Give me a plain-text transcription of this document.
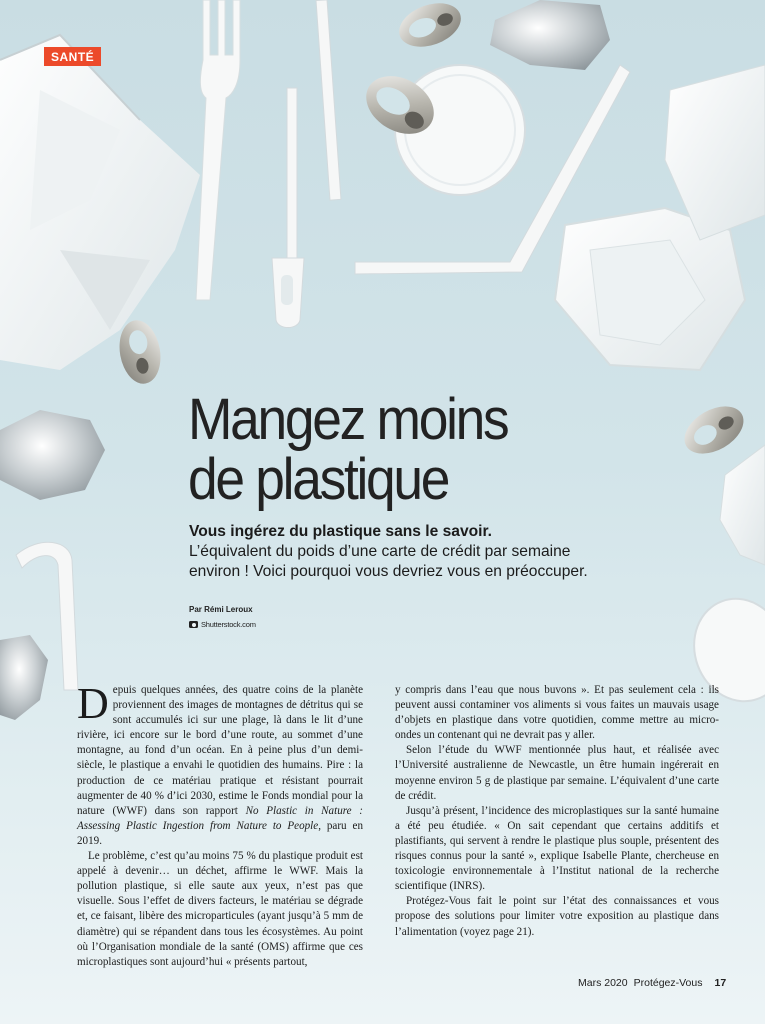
SANTÉ
Mangez moins
de plastique

Vous ingérez du plastique sans le savoir.
L’équivalent du poids d’une carte de crédit par semaine environ ! Voici pourquoi vous devriez vous en préoccuper.

Par Rémi Leroux
Shutterstock.com

Depuis quelques années, des quatre coins de la planète proviennent des images de montagnes de détritus qui se sont accumulés ici sur une plage, là dans le lit d’une rivière, ici encore sur le bord d’une route, au sommet d’une montagne, au fond d’un océan. En à peine plus d’un demi-siècle, le plastique a envahi le quotidien des humains. Pire : la production de ce matériau pratique et résistant pourrait augmenter de 40 % d’ici 2030, estime le Fonds mondial pour la nature (WWF) dans son rapport No Plastic in Nature : Assessing Plastic Ingestion from Nature to People, paru en 2019.

Le problème, c’est qu’au moins 75 % du plastique produit est appelé à devenir… un déchet, affirme le WWF. Mais la pollution plastique, si elle saute aux yeux, n’est pas que visuelle. Sous l’effet de divers facteurs, le matériau se dégrade et, ce faisant, libère des microparticules (ayant jusqu’à 5 mm de diamètre) qui se répandent dans tous les écosystèmes. Au point où l’Organisation mondiale de la santé (OMS) affirme que ces microplastiques sont aujourd’hui « présents partout,

y compris dans l’eau que nous buvons ». Et pas seulement cela : ils peuvent aussi contaminer vos aliments si vous faites un mauvais usage d’objets en plastique dans votre quotidien, comme mettre au micro-ondes un contenant qui ne devrait pas y aller.

Selon l’étude du WWF mentionnée plus haut, et réalisée avec l’Université australienne de Newcastle, un être humain ingérerait en moyenne environ 5 g de plastique par semaine. L’équivalent d’une carte de crédit.

Jusqu’à présent, l’incidence des microplastiques sur la santé humaine a été peu étudiée. « On sait cependant que certains additifs et plastifiants, qui servent à rendre le plastique plus souple, présentent des risques connus pour la santé », explique Isabelle Plante, chercheuse en toxicologie environnementale à l’Institut national de la recherche scientifique (INRS).

Protégez-Vous fait le point sur l’état des connaissances et vous propose des solutions pour limiter votre exposition au plastique dans l’alimentation (voyez page 21).

Mars 2020 Protégez-Vous 17
